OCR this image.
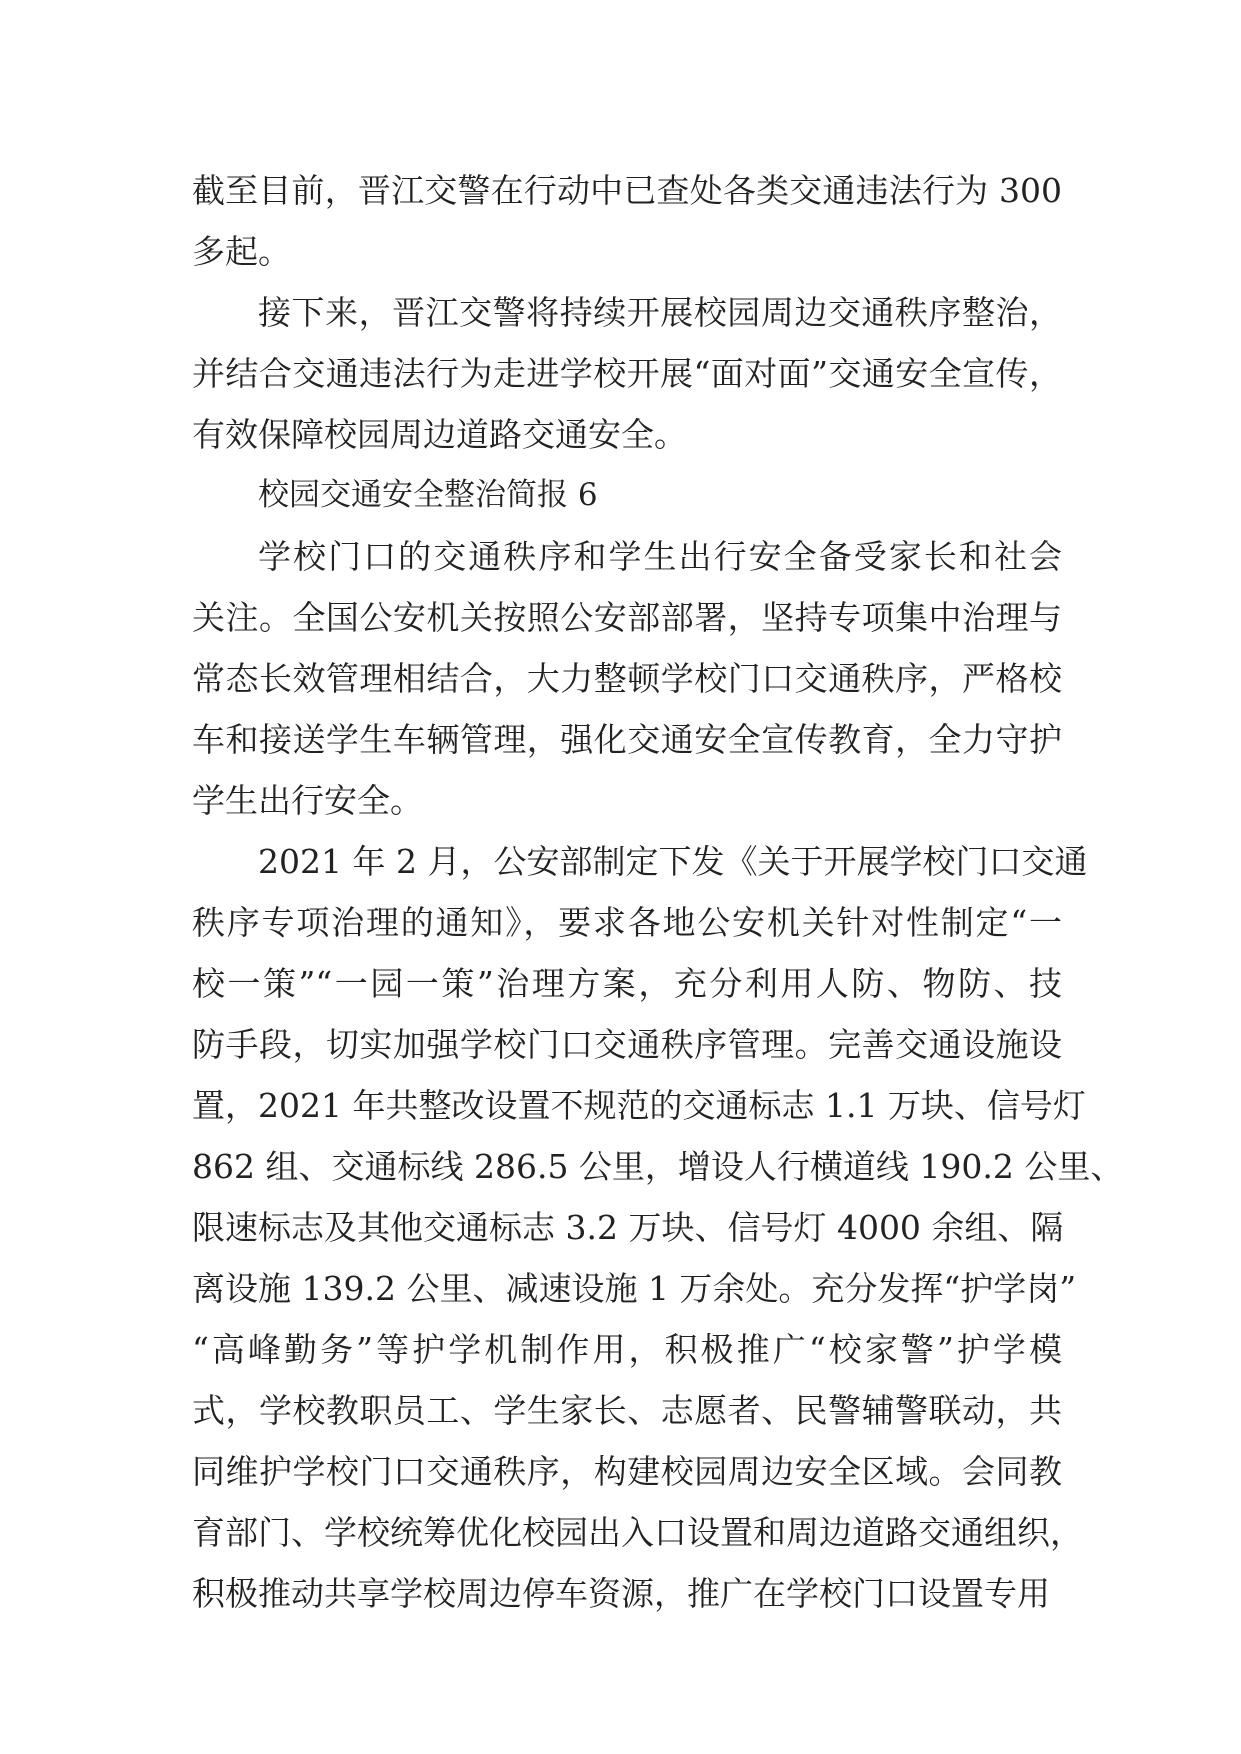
截至目前，晋江交警在行动中已查处各类交通违法行为 300
多起。
接下来，晋江交警将持续开展校园周边交通秩序整治，
并结合交通违法行为走进学校开展“面对面”交通安全宣传，
有效保障校园周边道路交通安全。
校园交通安全整治简报 6
学校门口的交通秩序和学生出行安全备受家长和社会
关注。全国公安机关按照公安部部署，坚持专项集中治理与
常态长效管理相结合，大力整顿学校门口交通秩序，严格校
车和接送学生车辆管理，强化交通安全宣传教育，全力守护
学生出行安全。
2021 年 2 月，公安部制定下发《关于开展学校门口交通
秩序专项治理的通知》，要求各地公安机关针对性制定“一
校一策”“一园一策”治理方案，充分利用人防、物防、技
防手段，切实加强学校门口交通秩序管理。完善交通设施设
置，2021 年共整改设置不规范的交通标志 1.1 万块、信号灯
862 组、交通标线 286.5 公里，增设人行横道线 190.2 公里、
限速标志及其他交通标志 3.2 万块、信号灯 4000 余组、隔
离设施 139.2 公里、减速设施 1 万余处。充分发挥“护学岗”
“高峰勤务”等护学机制作用，积极推广“校家警”护学模
式，学校教职员工、学生家长、志愿者、民警辅警联动，共
同维护学校门口交通秩序，构建校园周边安全区域。会同教
育部门、学校统筹优化校园出入口设置和周边道路交通组织，
积极推动共享学校周边停车资源，推广在学校门口设置专用
